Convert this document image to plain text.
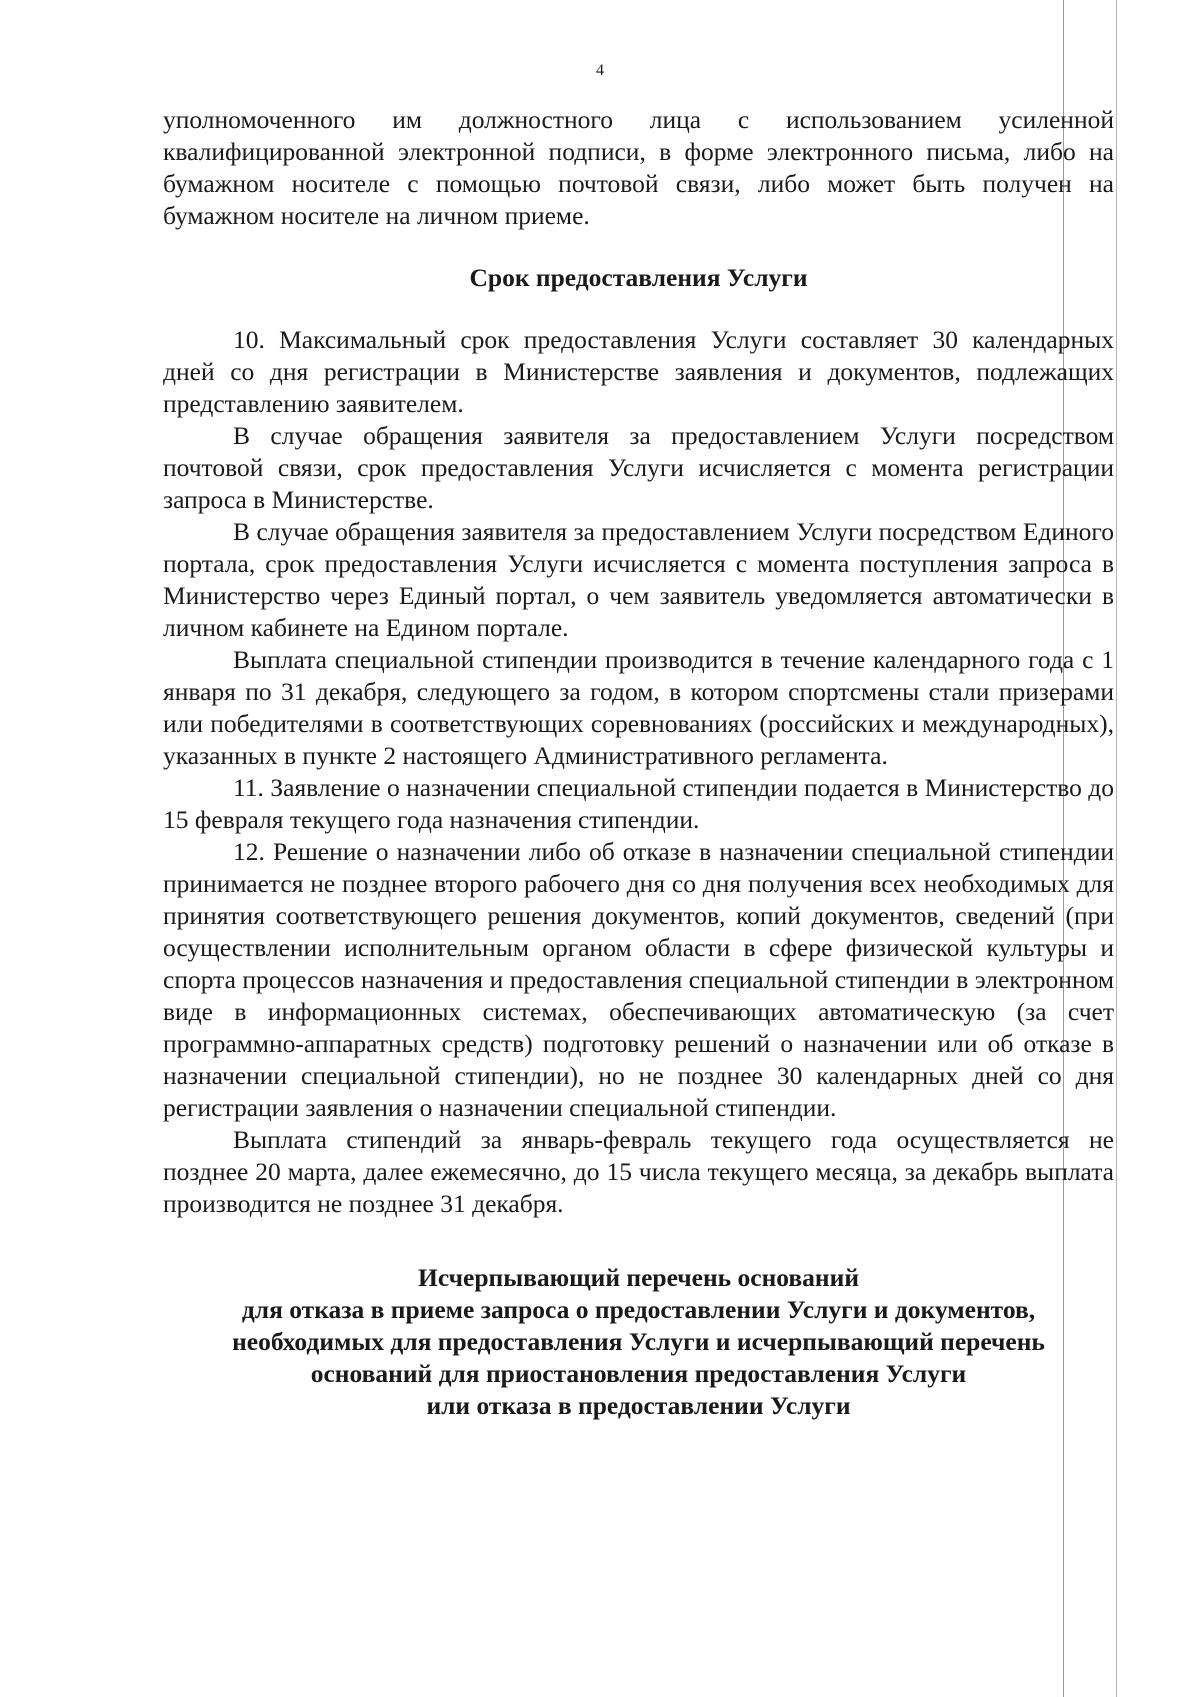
4

уполномоченного им должностного лица с использованием усиленной квалифицированной электронной подписи, в форме электронного письма, либо на бумажном носителе с помощью почтовой связи, либо может быть получен на бумажном носителе на личном приеме.

Срок предоставления Услуги

10. Максимальный срок предоставления Услуги составляет 30 календарных дней со дня регистрации в Министерстве заявления и документов, подлежащих представлению заявителем.

В случае обращения заявителя за предоставлением Услуги посредством почтовой связи, срок предоставления Услуги исчисляется с момента регистрации запроса в Министерстве.

В случае обращения заявителя за предоставлением Услуги посредством Единого портала, срок предоставления Услуги исчисляется с момента поступления запроса в Министерство через Единый портал, о чем заявитель уведомляется автоматически в личном кабинете на Едином портале.

Выплата специальной стипендии производится в течение календарного года с 1 января по 31 декабря, следующего за годом, в котором спортсмены стали призерами или победителями в соответствующих соревнованиях (российских и международных), указанных в пункте 2 настоящего Административного регламента.

11. Заявление о назначении специальной стипендии подается в Министерство до 15 февраля текущего года назначения стипендии.

12. Решение о назначении либо об отказе в назначении специальной стипендии принимается не позднее второго рабочего дня со дня получения всех необходимых для принятия соответствующего решения документов, копий документов, сведений (при осуществлении исполнительным органом области в сфере физической культуры и спорта процессов назначения и предоставления специальной стипендии в электронном виде в информационных системах, обеспечивающих автоматическую (за счет программно-аппаратных средств) подготовку решений о назначении или об отказе в назначении специальной стипендии), но не позднее 30 календарных дней со дня регистрации заявления о назначении специальной стипендии.

Выплата стипендий за январь-февраль текущего года осуществляется не позднее 20 марта, далее ежемесячно, до 15 числа текущего месяца, за декабрь выплата производится не позднее 31 декабря.

Исчерпывающий перечень оснований
для отказа в приеме запроса о предоставлении Услуги и документов,
необходимых для предоставления Услуги и исчерпывающий перечень
оснований для приостановления предоставления Услуги
или отказа в предоставлении Услуги
